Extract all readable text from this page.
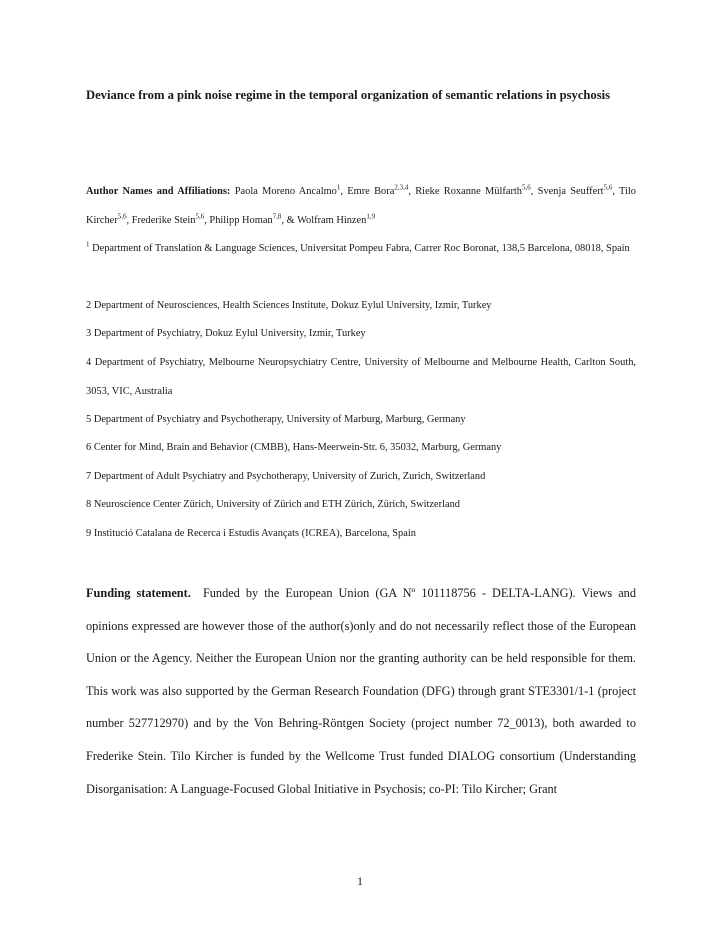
Deviance from a pink noise regime in the temporal organization of semantic relations in psychosis
Author Names and Affiliations: Paola Moreno Ancalmo$^1$, Emre Bora$^{2,3,4}$, Rieke Roxanne Mülfarth$^{5,6}$, Svenja Seuffert$^{5,6}$, Tilo Kircher$^{5,6}$, Frederike Stein$^{5,6}$, Philipp Homan$^{7,8}$, & Wolfram Hinzen$^{1,9}$
$^1$ Department of Translation & Language Sciences, Universitat Pompeu Fabra, Carrer Roc Boronat, 138,5 Barcelona, 08018, Spain
2 Department of Neurosciences, Health Sciences Institute, Dokuz Eylul University, Izmir, Turkey
3 Department of Psychiatry, Dokuz Eylul University, Izmir, Turkey
4 Department of Psychiatry, Melbourne Neuropsychiatry Centre, University of Melbourne and Melbourne Health, Carlton South, 3053, VIC, Australia
5 Department of Psychiatry and Psychotherapy, University of Marburg, Marburg, Germany
6 Center for Mind, Brain and Behavior (CMBB), Hans-Meerwein-Str. 6, 35032, Marburg, Germany
7 Department of Adult Psychiatry and Psychotherapy, University of Zurich, Zurich, Switzerland
8 Neuroscience Center Zürich, University of Zürich and ETH Zürich, Zürich, Switzerland
9 Institució Catalana de Recerca i Estudis Avançats (ICREA), Barcelona, Spain
Funding statement. Funded by the European Union (GA Nº 101118756 - DELTA-LANG). Views and opinions expressed are however those of the author(s)only and do not necessarily reflect those of the European Union or the Agency. Neither the European Union nor the granting authority can be held responsible for them. This work was also supported by the German Research Foundation (DFG) through grant STE3301/1-1 (project number 527712970) and by the Von Behring-Röntgen Society (project number 72_0013), both awarded to Frederike Stein. Tilo Kircher is funded by the Wellcome Trust funded DIALOG consortium (Understanding Disorganisation: A Language-Focused Global Initiative in Psychosis; co-PI: Tilo Kircher; Grant
1
